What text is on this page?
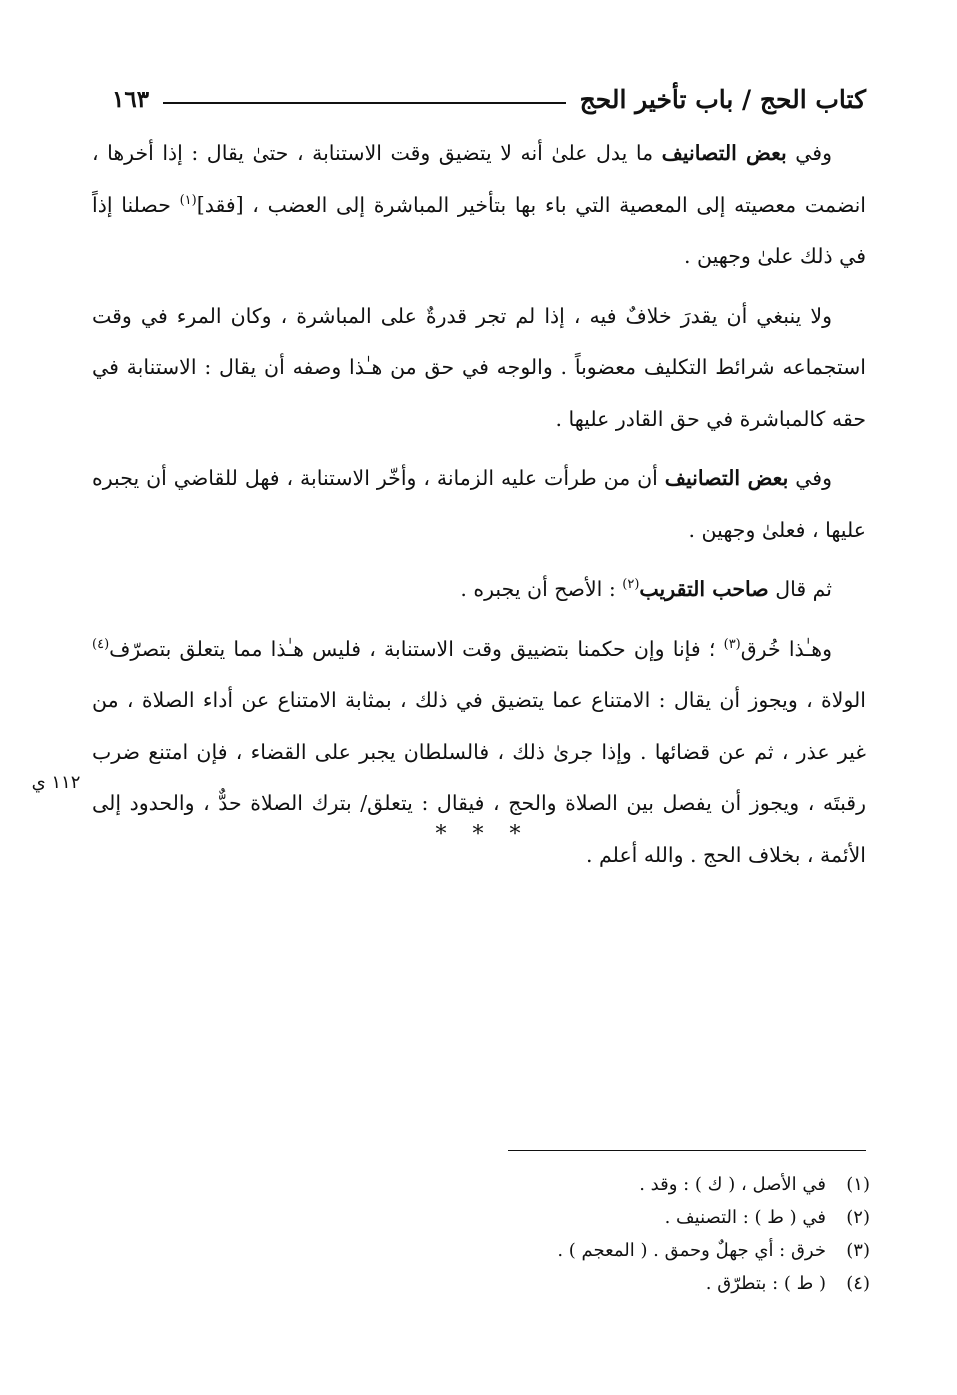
كتاب الحج / باب تأخير الحج
١٦٣

وفي بعض التصانيف ما يدل علىٰ أنه لا يتضيق وقت الاستنابة ، حتىٰ يقال : إذا أخرها ، انضمت معصيته إلى المعصية التي باء بها بتأخير المباشرة إلى العضب ، [فقد]$^{(١)}$ حصلنا إذاً في ذلك علىٰ وجهين .

ولا ينبغي أن يقدرَ خلافٌ فيه ، إذا لم تجر قدرةٌ على المباشرة ، وكان المرء في وقت استجماعه شرائط التكليف معضوباً . والوجه في حق من هـٰذا وصفه أن يقال : الاستنابة في حقه كالمباشرة في حق القادر عليها .

وفي بعض التصانيف أن من طرأت عليه الزمانة ، وأخّر الاستنابة ، فهل للقاضي أن يجبره عليها ، فعلىٰ وجهين .

ثم قال صاحب التقريب$^{(٢)}$ : الأصح أن يجبره .

وهـٰذا خُرق$^{(٣)}$ ؛ فإنا وإن حكمنا بتضييق وقت الاستنابة ، فليس هـٰذا مما يتعلق بتصرّف$^{(٤)}$ الولاة ، ويجوز أن يقال : الامتناع عما يتضيق في ذلك ، بمثابة الامتناع عن أداء الصلاة ، من غير عذر ، ثم عن قضائها . وإذا جرىٰ ذلك ، فالسلطان يجبر على القضاء ، فإن امتنع ضرب رقبتَه ، ويجوز أن يفصل بين الصلاة والحج ، فيقال : يتعلق/ بترك الصلاة حدٌّ ، والحدود إلى الأئمة ، بخلاف الحج . والله أعلم .

١١٢ ي
*
*
*
(١)
في الأصل ، ( ك ) : وقد .
(٢)
في ( ط ) : التصنيف .
(٣)
خرق : أي جهلٌ وحمق . ( المعجم ) .
(٤)
( ط ) : بتطرّق .
